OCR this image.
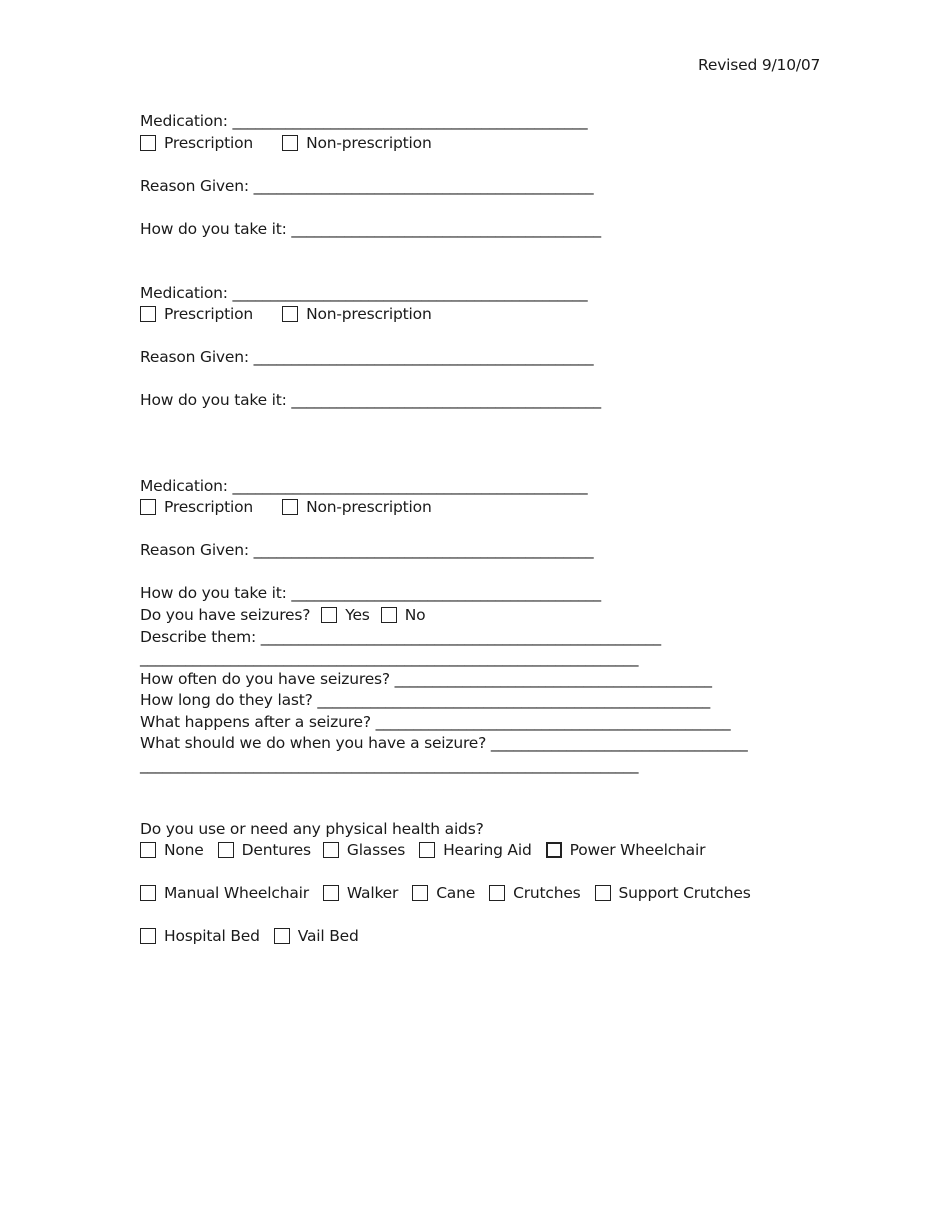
Revised 9/10/07
Medication: _______________________________________________
Prescription	Non-prescription
Reason Given: _____________________________________________
How do you take it: _________________________________________
Medication: _______________________________________________
Prescription	Non-prescription
Reason Given: _____________________________________________
How do you take it: _________________________________________
Medication: _______________________________________________
Prescription	Non-prescription
Reason Given: _____________________________________________
How do you take it: _________________________________________
Do you have seizures? Yes No
Describe them: _____________________________________________________
__________________________________________________________________
How often do you have seizures? __________________________________________
How long do they last? ____________________________________________________
What happens after a seizure? _______________________________________________
What should we do when you have a seizure? __________________________________
__________________________________________________________________
Do you use or need any physical health aids?
None Dentures Glasses Hearing Aid Power Wheelchair
Manual Wheelchair Walker Cane Crutches Support Crutches
Hospital Bed Vail Bed
